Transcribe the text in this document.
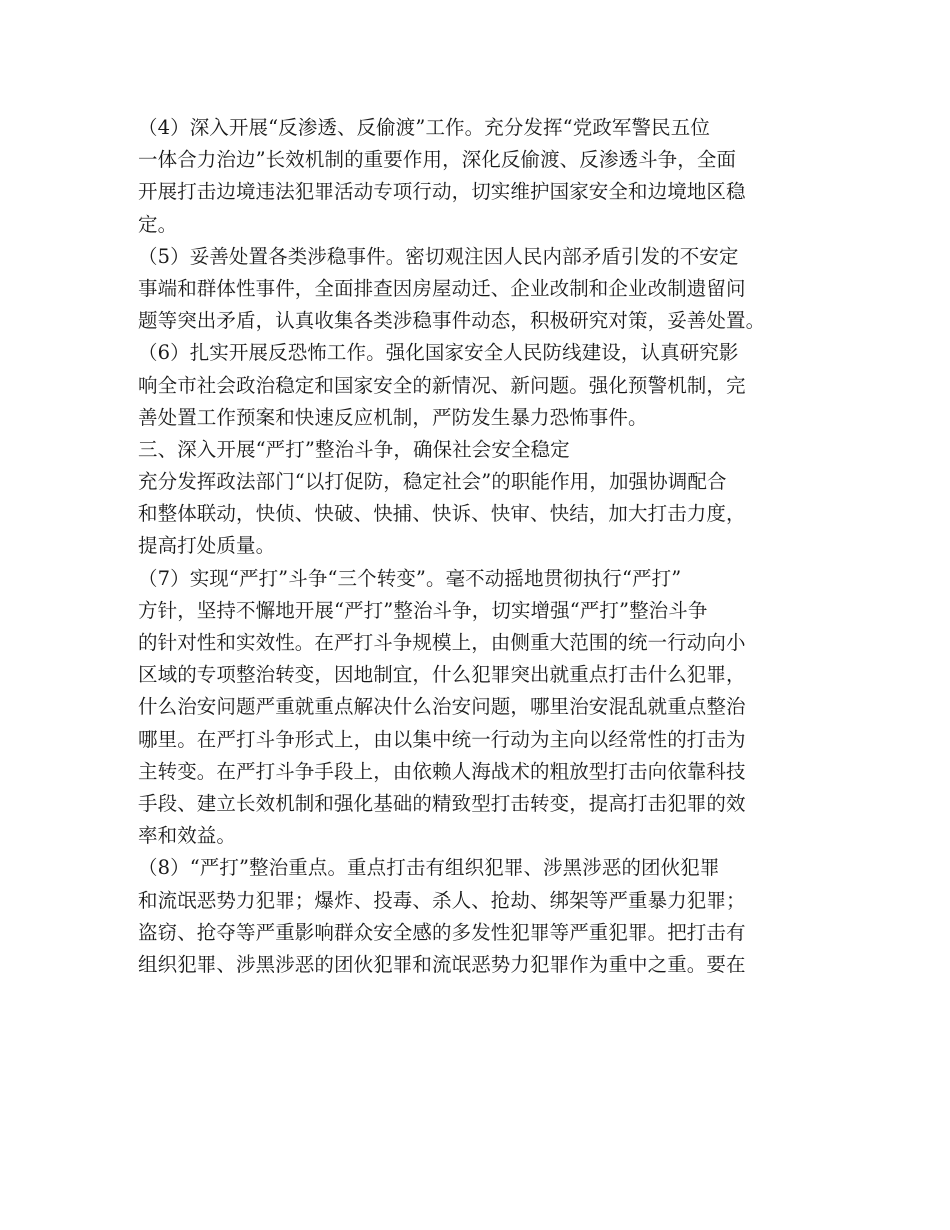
（4）深入开展“反渗透、反偷渡”工作。充分发挥“党政军警民五位
一体合力治边”长效机制的重要作用，深化反偷渡、反渗透斗争，全面
开展打击边境违法犯罪活动专项行动，切实维护国家安全和边境地区稳
定。
（5）妥善处置各类涉稳事件。密切观注因人民内部矛盾引发的不安定
事端和群体性事件，全面排查因房屋动迁、企业改制和企业改制遗留问
题等突出矛盾，认真收集各类涉稳事件动态，积极研究对策，妥善处置。
（6）扎实开展反恐怖工作。强化国家安全人民防线建设，认真研究影
响全市社会政治稳定和国家安全的新情况、新问题。强化预警机制，完
善处置工作预案和快速反应机制，严防发生暴力恐怖事件。
三、深入开展“严打”整治斗争，确保社会安全稳定
充分发挥政法部门“以打促防，稳定社会”的职能作用，加强协调配合
和整体联动，快侦、快破、快捕、快诉、快审、快结，加大打击力度，
提高打处质量。
（7）实现“严打”斗争“三个转变”。毫不动摇地贯彻执行“严打”
方针，坚持不懈地开展“严打”整治斗争，切实增强“严打”整治斗争
的针对性和实效性。在严打斗争规模上，由侧重大范围的统一行动向小
区域的专项整治转变，因地制宜，什么犯罪突出就重点打击什么犯罪，
什么治安问题严重就重点解决什么治安问题，哪里治安混乱就重点整治
哪里。在严打斗争形式上，由以集中统一行动为主向以经常性的打击为
主转变。在严打斗争手段上，由依赖人海战术的粗放型打击向依靠科技
手段、建立长效机制和强化基础的精致型打击转变，提高打击犯罪的效
率和效益。
（8）“严打”整治重点。重点打击有组织犯罪、涉黑涉恶的团伙犯罪
和流氓恶势力犯罪；爆炸、投毒、杀人、抢劫、绑架等严重暴力犯罪；
盗窃、抢夺等严重影响群众安全感的多发性犯罪等严重犯罪。把打击有
组织犯罪、涉黑涉恶的团伙犯罪和流氓恶势力犯罪作为重中之重。要在
